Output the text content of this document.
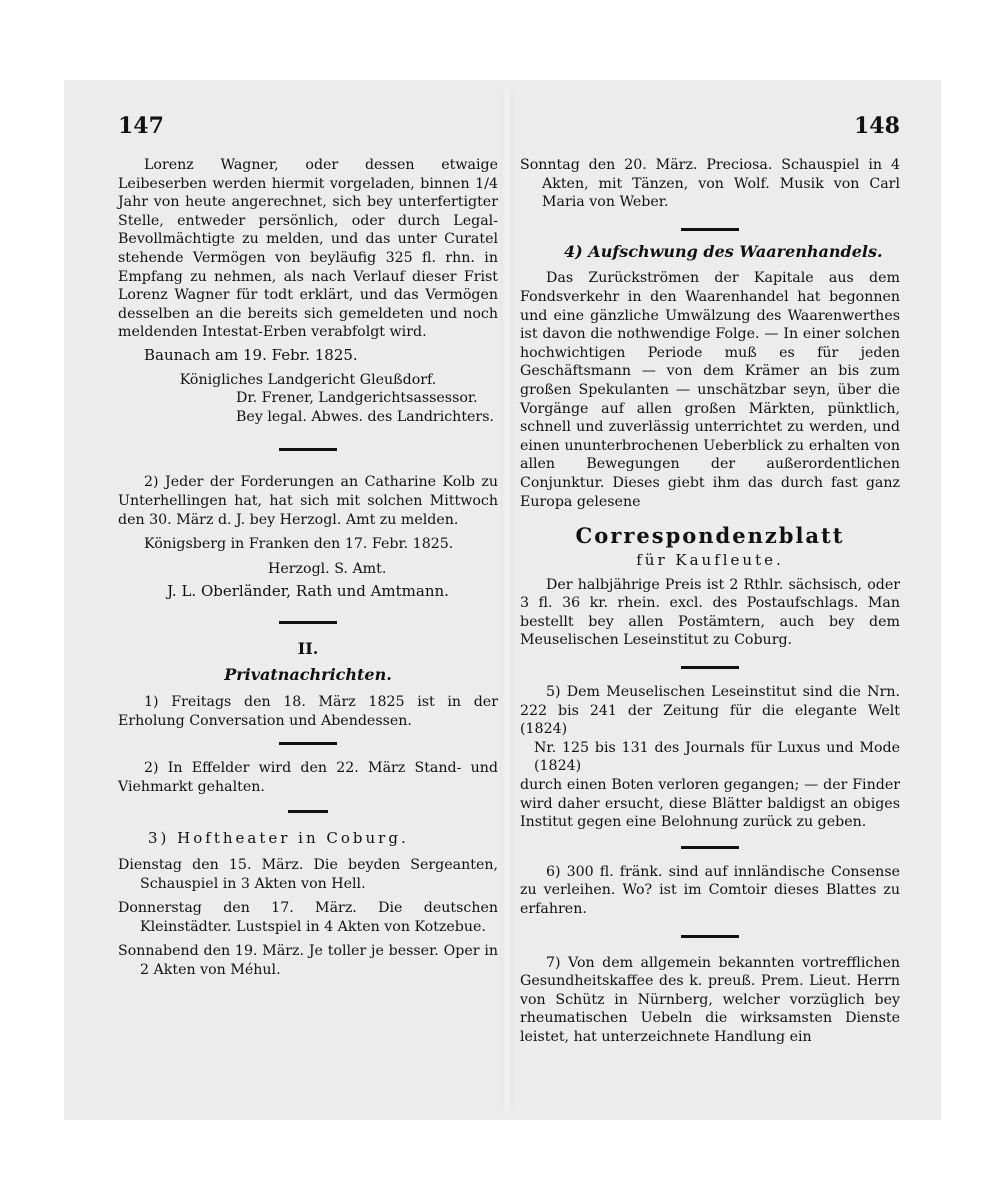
147	148

Lorenz Wagner, oder dessen etwaige Leibeserben werden hiermit vorgeladen, binnen 1/4 Jahr von heute angerechnet, sich bey unterfertigter Stelle, entweder persönlich, oder durch Legal-Bevollmächtigte zu melden, und das unter Curatel stehende Vermögen von beyläufig 325 fl. rhn. in Empfang zu nehmen, als nach Verlauf dieser Frist Lorenz Wagner für todt erklärt, und das Vermögen desselben an die bereits sich gemeldeten und noch meldenden Intestat-Erben verabfolgt wird.

Baunach am 19. Febr. 1825.

Königliches Landgericht Gleußdorf.

Dr. Frener, Landgerichtsassessor.

Bey legal. Abwes. des Landrichters.

2) Jeder der Forderungen an Catharine Kolb zu Unterhellingen hat, hat sich mit solchen Mittwoch den 30. März d. J. bey Herzogl. Amt zu melden.

Königsberg in Franken den 17. Febr. 1825.

Herzogl. S. Amt.

J. L. Oberländer, Rath und Amtmann.

II.

Privatnachrichten.

1) Freitags den 18. März 1825 ist in der Erholung Conversation und Abendessen.

2) In Effelder wird den 22. März Stand- und Viehmarkt gehalten.

3) Hoftheater in Coburg.

Dienstag den 15. März. Die beyden Sergeanten, Schauspiel in 3 Akten von Hell.

Donnerstag den 17. März. Die deutschen Kleinstädter. Lustspiel in 4 Akten von Kotzebue.

Sonnabend den 19. März. Je toller je besser. Oper in 2 Akten von Méhul.

Sonntag den 20. März. Preciosa. Schauspiel in 4 Akten, mit Tänzen, von Wolf. Musik von Carl Maria von Weber.

4) Aufschwung des Waarenhandels.

Das Zurückströmen der Kapitale aus dem Fondsverkehr in den Waarenhandel hat begonnen und eine gänzliche Umwälzung des Waarenwerthes ist davon die nothwendige Folge. — In einer solchen hochwichtigen Periode muß es für jeden Geschäftsmann — von dem Krämer an bis zum großen Spekulanten — unschätzbar seyn, über die Vorgänge auf allen großen Märkten, pünktlich, schnell und zuverlässig unterrichtet zu werden, und einen ununterbrochenen Ueberblick zu erhalten von allen Bewegungen der außerordentlichen Conjunktur. Dieses giebt ihm das durch fast ganz Europa gelesene

Correspondenzblatt

für Kaufleute.

Der halbjährige Preis ist 2 Rthlr. sächsisch, oder 3 fl. 36 kr. rhein. excl. des Postaufschlags. Man bestellt bey allen Postämtern, auch bey dem Meuselischen Leseinstitut zu Coburg.

5) Dem Meuselischen Leseinstitut sind die Nrn. 222 bis 241 der Zeitung für die elegante Welt (1824)

Nr. 125 bis 131 des Journals für Luxus und Mode (1824)

durch einen Boten verloren gegangen; — der Finder wird daher ersucht, diese Blätter baldigst an obiges Institut gegen eine Belohnung zurück zu geben.

6) 300 fl. fränk. sind auf innländische Consense zu verleihen. Wo? ist im Comtoir dieses Blattes zu erfahren.

7) Von dem allgemein bekannten vortrefflichen Gesundheitskaffee des k. preuß. Prem. Lieut. Herrn von Schütz in Nürnberg, welcher vorzüglich bey rheumatischen Uebeln die wirksamsten Dienste leistet, hat unterzeichnete Handlung ein
